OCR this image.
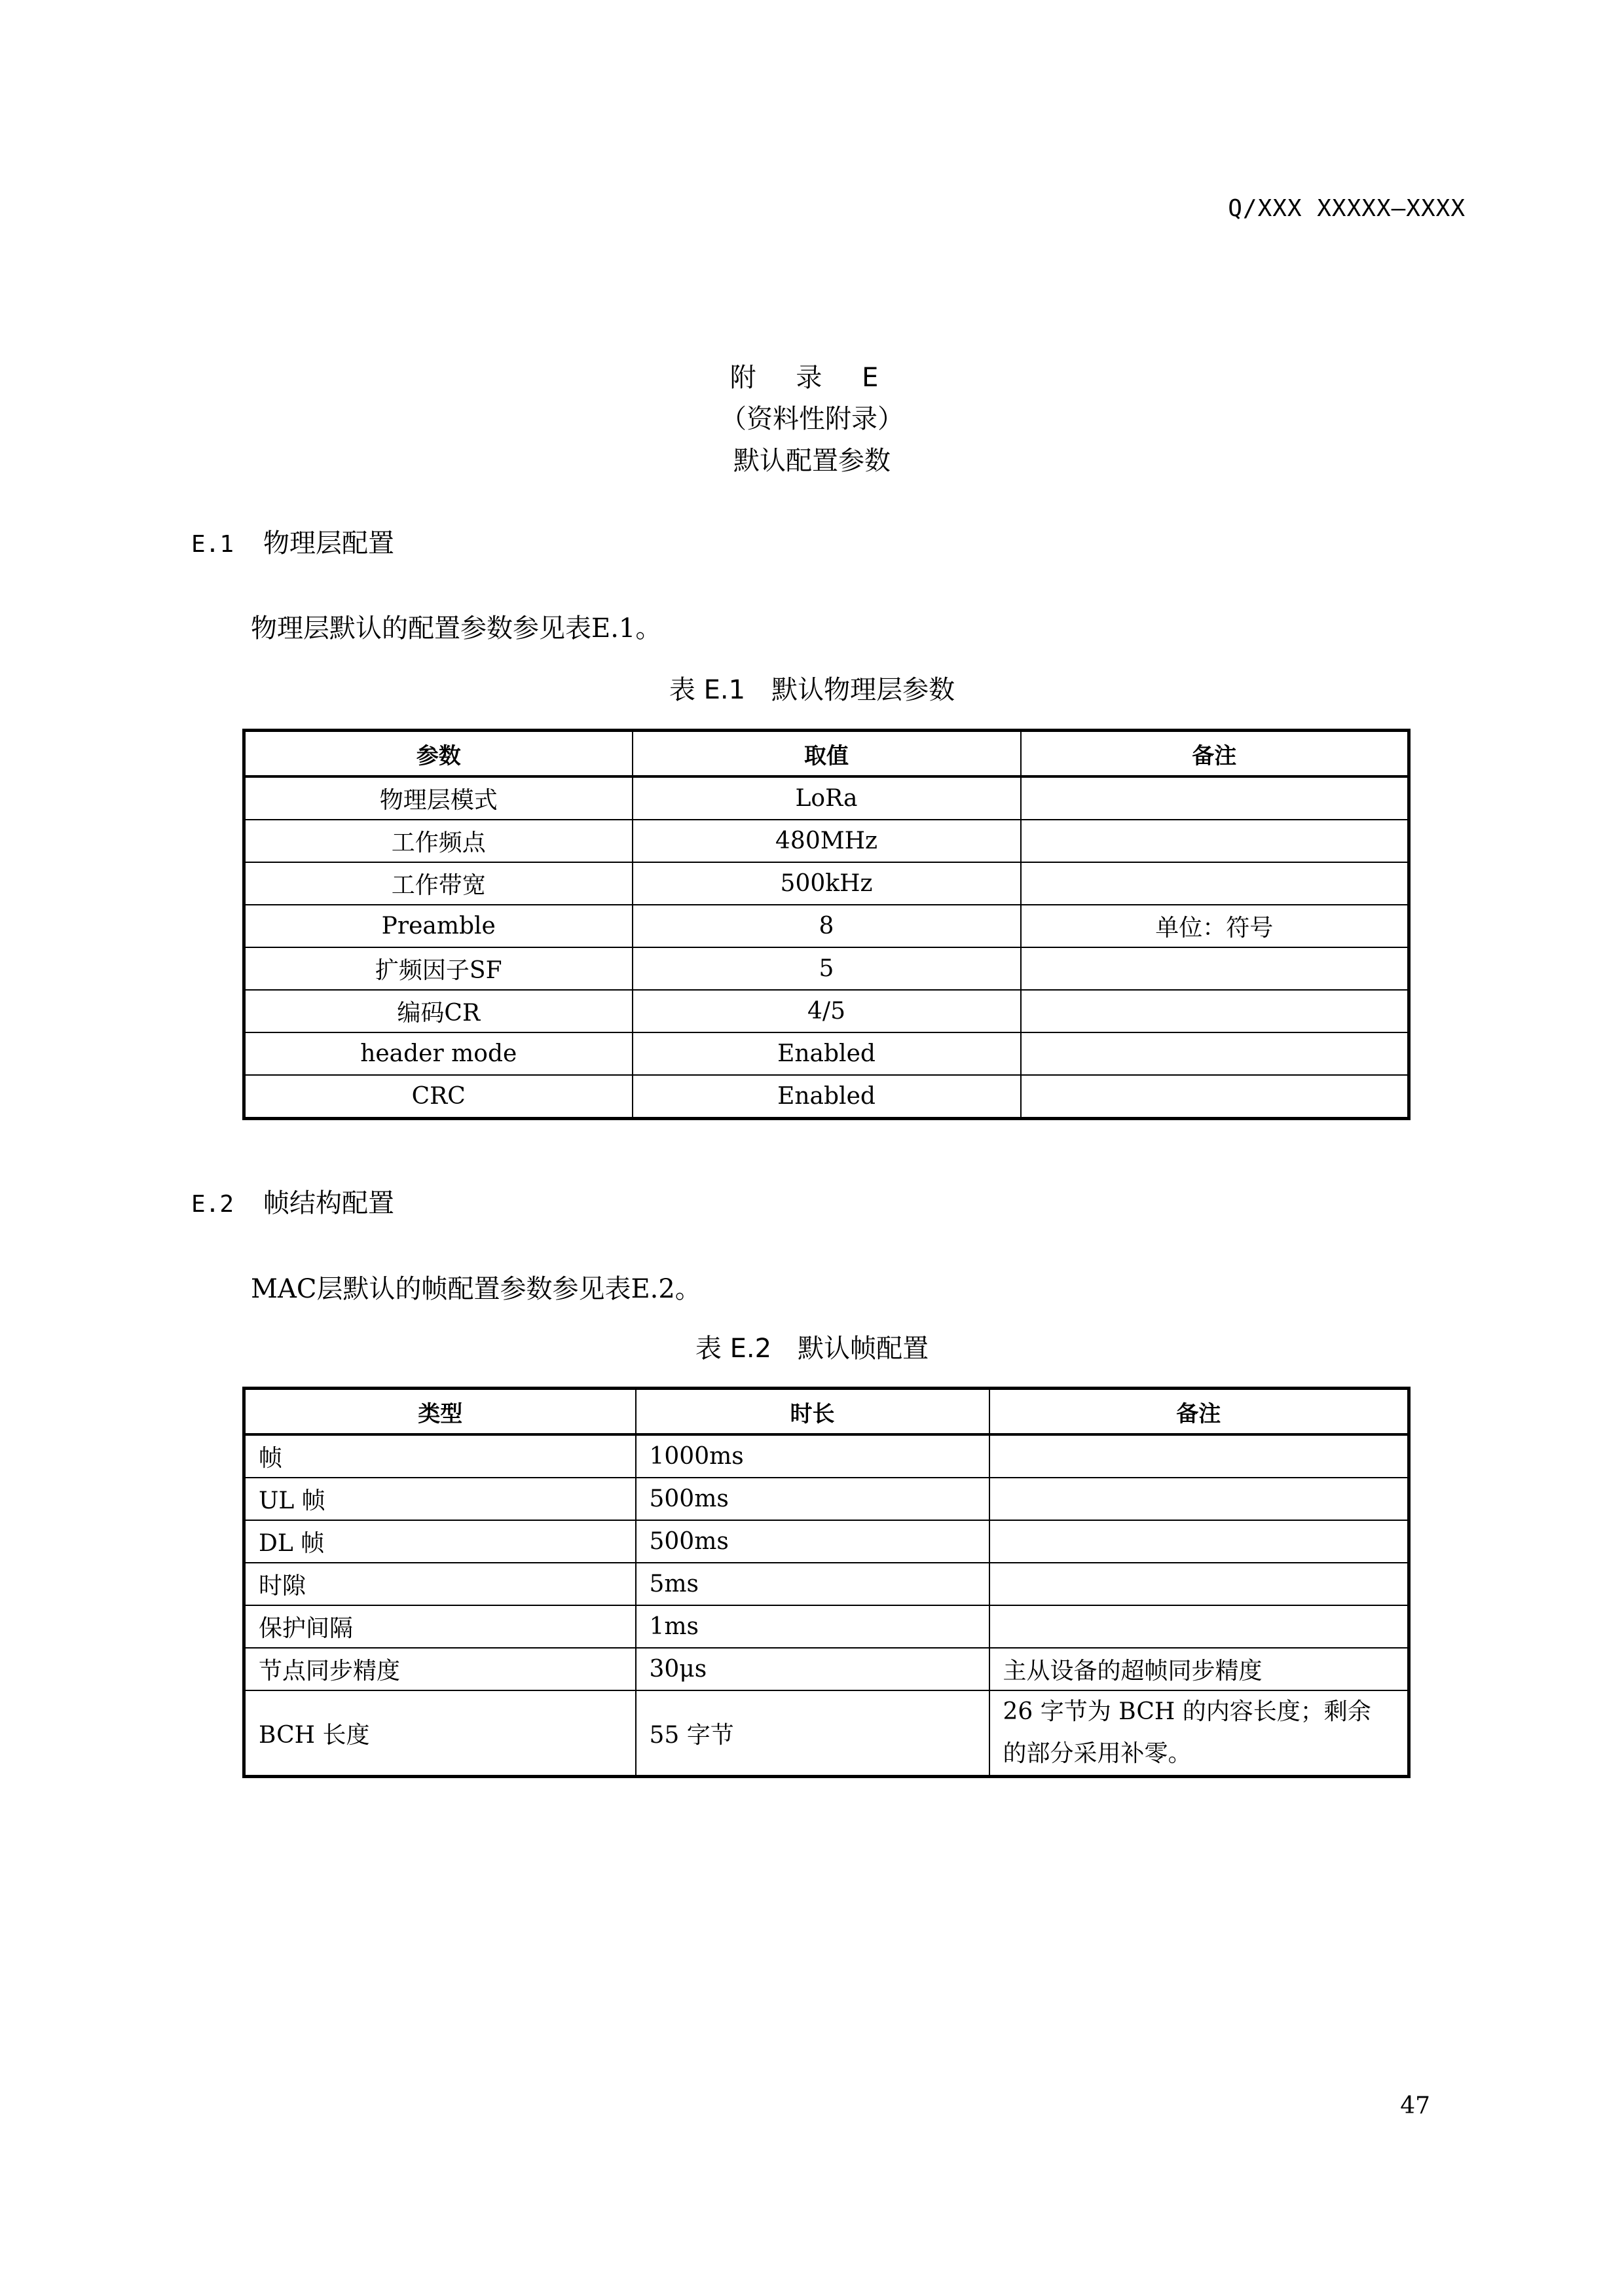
Q/XXX XXXXX—XXXX
附 录 E
（资料性附录）
默认配置参数
E.1 物理层配置
物理层默认的配置参数参见表E.1。
表 E.1　默认物理层参数
参数	取值	备注
物理层模式	LoRa	
工作频点	480MHz	
工作带宽	500kHz	
Preamble	8	单位：符号
扩频因子SF	5	
编码CR	4/5	
header mode	Enabled	
CRC	Enabled	
E.2 帧结构配置
MAC层默认的帧配置参数参见表E.2。
表 E.2　默认帧配置
类型	时长	备注
帧	1000ms	
UL 帧	500ms	
DL 帧	500ms	
时隙	5ms	
保护间隔	1ms	
节点同步精度	30μs	主从设备的超帧同步精度
BCH 长度	55 字节	26 字节为 BCH 的内容长度；剩余的部分采用补零。
47
